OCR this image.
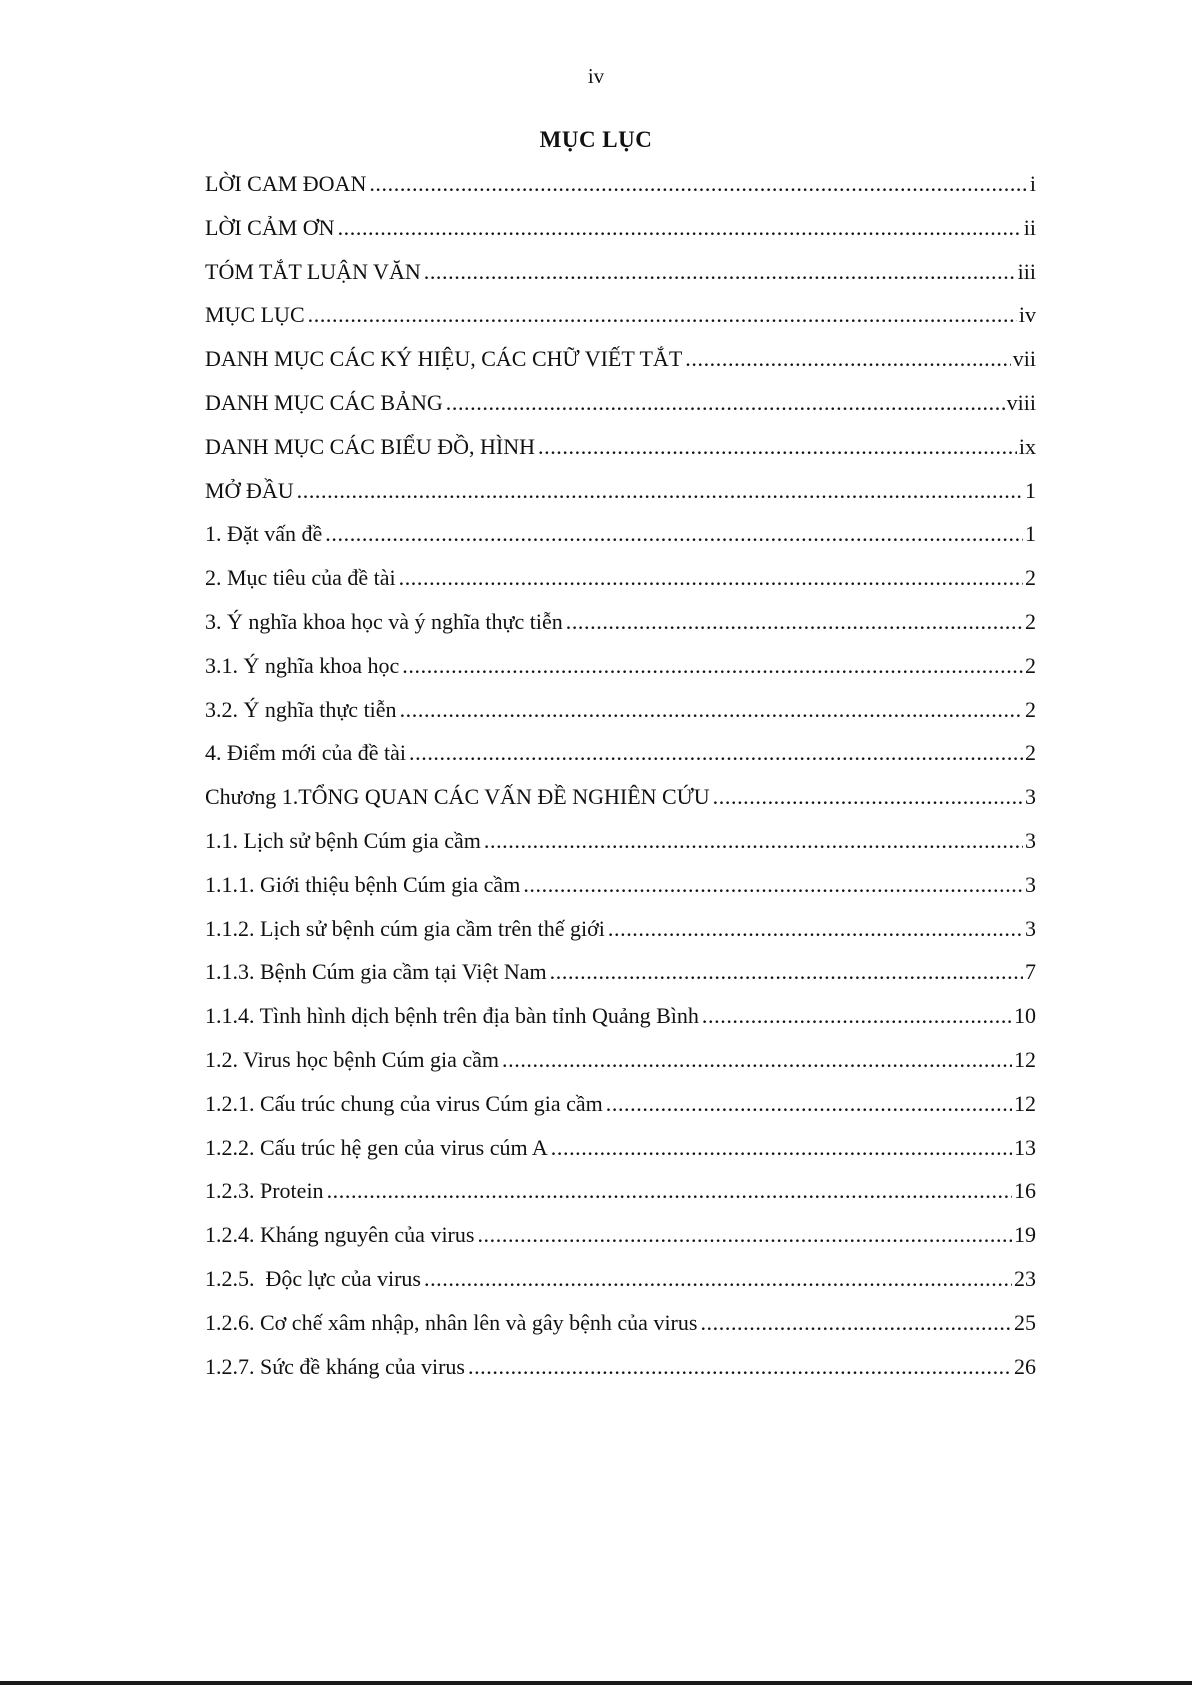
iv
MỤC LỤC
LỜI CAM ĐOAN .....	i
LỜI CẢM ƠN .....	ii
TÓM TẮT LUẬN VĂN .....	iii
MỤC LỤC .....	iv
DANH MỤC CÁC KÝ HIỆU, CÁC CHỮ VIẾT TẮT .....	vii
DANH MỤC CÁC BẢNG .....	viii
DANH MỤC CÁC BIỂU ĐỒ, HÌNH .....	ix
MỞ ĐẦU .....	1
1. Đặt vấn đề .....	1
2. Mục tiêu của đề tài .....	2
3. Ý nghĩa khoa học và ý nghĩa thực tiễn .....	2
3.1. Ý nghĩa khoa học .....	2
3.2. Ý nghĩa thực tiễn .....	2
4. Điểm mới của đề tài .....	2
Chương 1.TỔNG QUAN CÁC VẤN ĐỀ NGHIÊN CỨU .....	3
1.1. Lịch sử bệnh Cúm gia cầm .....	3
1.1.1. Giới thiệu bệnh Cúm gia cầm .....	3
1.1.2. Lịch sử bệnh cúm gia cầm trên thế giới .....	3
1.1.3. Bệnh Cúm gia cầm tại Việt Nam .....	7
1.1.4. Tình hình dịch bệnh trên địa bàn tỉnh Quảng Bình .....	10
1.2. Virus học bệnh Cúm gia cầm .....	12
1.2.1. Cấu trúc chung của virus Cúm gia cầm .....	12
1.2.2. Cấu trúc hệ gen của virus cúm A .....	13
1.2.3. Protein .....	16
1.2.4. Kháng nguyên của virus .....	19
1.2.5.  Độc lực của virus .....	23
1.2.6. Cơ chế xâm nhập, nhân lên và gây bệnh của virus .....	25
1.2.7. Sức đề kháng của virus .....	26
